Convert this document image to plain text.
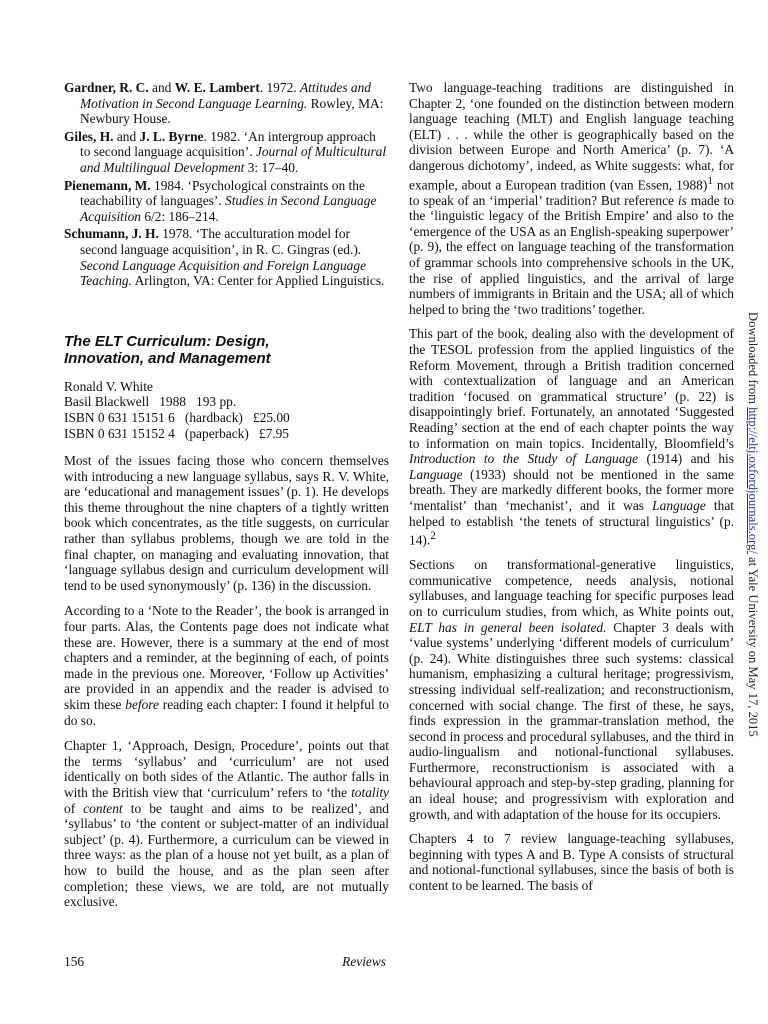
Gardner, R. C. and W. E. Lambert. 1972. Attitudes and Motivation in Second Language Learning. Rowley, MA: Newbury House.
Giles, H. and J. L. Byrne. 1982. ‘An intergroup approach to second language acquisition’. Journal of Multicultural and Multilingual Development 3: 17–40.
Pienemann, M. 1984. ‘Psychological constraints on the teachability of languages’. Studies in Second Language Acquisition 6/2: 186–214.
Schumann, J. H. 1978. ‘The acculturation model for second language acquisition’, in R. C. Gingras (ed.). Second Language Acquisition and Foreign Language Teaching. Arlington, VA: Center for Applied Linguistics.
The ELT Curriculum: Design,
Innovation, and Management
Ronald V. White
Basil Blackwell   1988   193 pp.
ISBN 0 631 15151 6   (hardback)   £25.00
ISBN 0 631 15152 4   (paperback)   £7.95

Most of the issues facing those who concern themselves with introducing a new language syllabus, says R. V. White, are ‘educational and management issues’ (p. 1). He develops this theme throughout the nine chapters of a tightly written book which concentrates, as the title suggests, on curricular rather than syllabus problems, though we are told in the final chapter, on managing and evaluating innovation, that ‘language syllabus design and curriculum development will tend to be used synonymously’ (p. 136) in the discussion.

According to a ‘Note to the Reader’, the book is arranged in four parts. Alas, the Contents page does not indicate what these are. However, there is a summary at the end of most chapters and a reminder, at the beginning of each, of points made in the previous one. Moreover, ‘Follow up Activities’ are provided in an appendix and the reader is advised to skim these before reading each chapter: I found it helpful to do so.

Chapter 1, ‘Approach, Design, Procedure’, points out that the terms ‘syllabus’ and ‘curriculum’ are not used identically on both sides of the Atlantic. The author falls in with the British view that ‘curriculum’ refers to ‘the totality of content to be taught and aims to be realized’, and ‘syllabus’ to ‘the content or subject-matter of an individual subject’ (p. 4). Furthermore, a curriculum can be viewed in three ways: as the plan of a house not yet built, as a plan of how to build the house, and as the plan seen after completion; these views, we are told, are not mutually exclusive.

Two language-teaching traditions are distinguished in Chapter 2, ‘one founded on the distinction between modern language teaching (MLT) and English language teaching (ELT) . . . while the other is geographically based on the division between Europe and North America’ (p. 7). ‘A dangerous dichotomy’, indeed, as White suggests: what, for example, about a European tradition (van Essen, 1988)$^1$ not to speak of an ‘imperial’ tradition? But reference is made to the ‘linguistic legacy of the British Empire’ and also to the ‘emergence of the USA as an English-speaking superpower’ (p. 9), the effect on language teaching of the transformation of grammar schools into comprehensive schools in the UK, the rise of applied linguistics, and the arrival of large numbers of immigrants in Britain and the USA; all of which helped to bring the ‘two traditions’ together.

This part of the book, dealing also with the development of the TESOL profession from the applied linguistics of the Reform Movement, through a British tradition concerned with contextualization of language and an American tradition ‘focused on grammatical structure’ (p. 22) is disappointingly brief. Fortunately, an annotated ‘Suggested Reading’ section at the end of each chapter points the way to information on main topics. Incidentally, Bloomfield’s Introduction to the Study of Language (1914) and his Language (1933) should not be mentioned in the same breath. They are markedly different books, the former more ‘mentalist’ than ‘mechanist’, and it was Language that helped to establish ‘the tenets of structural linguistics’ (p. 14).$^2$

Sections on transformational-generative linguistics, communicative competence, needs analysis, notional syllabuses, and language teaching for specific purposes lead on to curriculum studies, from which, as White points out, ELT has in general been isolated. Chapter 3 deals with ‘value systems’ underlying ‘different models of curriculum’ (p. 24). White distinguishes three such systems: classical humanism, emphasizing a cultural heritage; progressivism, stressing individual self-realization; and reconstructionism, concerned with social change. The first of these, he says, finds expression in the grammar-translation method, the second in process and procedural syllabuses, and the third in audio-lingualism and notional-functional syllabuses. Furthermore, reconstructionism is associated with a behavioural approach and step-by-step grading, planning for an ideal house; and progressivism with exploration and growth, and with adaptation of the house for its occupiers.

Chapters 4 to 7 review language-teaching syllabuses, beginning with types A and B. Type A consists of structural and notional-functional syllabuses, since the basis of both is content to be learned. The basis of

156	Reviews
Downloaded from http://eltj.oxfordjournals.org/ at Yale University on May 17, 2015
